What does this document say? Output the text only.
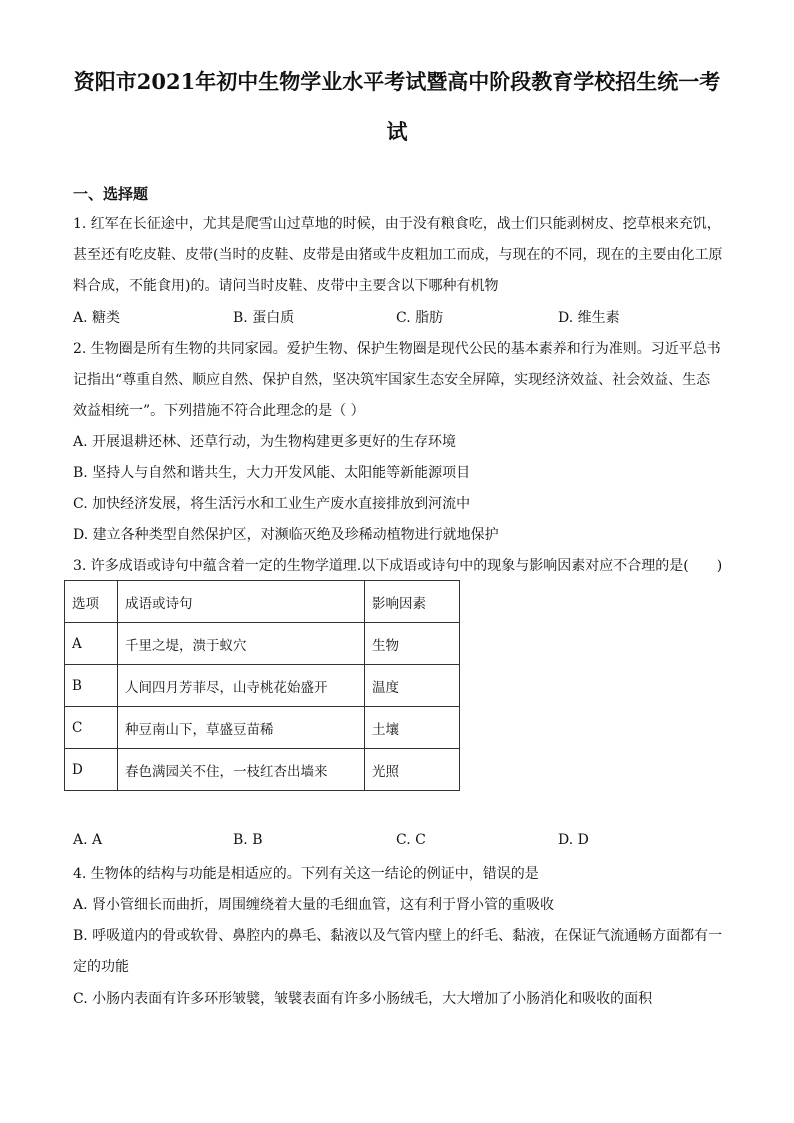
资阳市2021年初中生物学业水平考试暨高中阶段教育学校招生统一考
试
一、选择题
1. 红军在长征途中，尤其是爬雪山过草地的时候，由于没有粮食吃，战士们只能剥树皮、挖草根来充饥，
甚至还有吃皮鞋、皮带(当时的皮鞋、皮带是由猪或牛皮粗加工而成，与现在的不同，现在的主要由化工原
料合成，不能食用)的。请问当时皮鞋、皮带中主要含以下哪种有机物
A. 糖类	B. 蛋白质	C. 脂肪	D. 维生素
2. 生物圈是所有生物的共同家园。爱护生物、保护生物圈是现代公民的基本素养和行为准则。习近平总书
记指出“尊重自然、顺应自然、保护自然，坚决筑牢国家生态安全屏障，实现经济效益、社会效益、生态
效益相统一”。下列措施不符合此理念的是（ ）
A. 开展退耕还林、还草行动，为生物构建更多更好的生存环境
B. 坚持人与自然和谐共生，大力开发风能、太阳能等新能源项目
C. 加快经济发展，将生活污水和工业生产废水直接排放到河流中
D. 建立各种类型自然保护区，对濒临灭绝及珍稀动植物进行就地保护
3. 许多成语或诗句中蕴含着一定的生物学道理.以下成语或诗句中的现象与影响因素对应不合理的是(　　)
选项	成语或诗句	影响因素
A	千里之堤，溃于蚁穴	生物
B	人间四月芳菲尽，山寺桃花始盛开	温度
C	种豆南山下，草盛豆苗稀	土壤
D	春色满园关不住，一枝红杏出墙来	光照
A. A	B. B	C. C	D. D
4. 生物体的结构与功能是相适应的。下列有关这一结论的例证中，错误的是
A. 肾小管细长而曲折，周围缠绕着大量的毛细血管，这有利于肾小管的重吸收
B. 呼吸道内的骨或软骨、鼻腔内的鼻毛、黏液以及气管内壁上的纤毛、黏液，在保证气流通畅方面都有一
定的功能
C. 小肠内表面有许多环形皱襞，皱襞表面有许多小肠绒毛，大大增加了小肠消化和吸收的面积
